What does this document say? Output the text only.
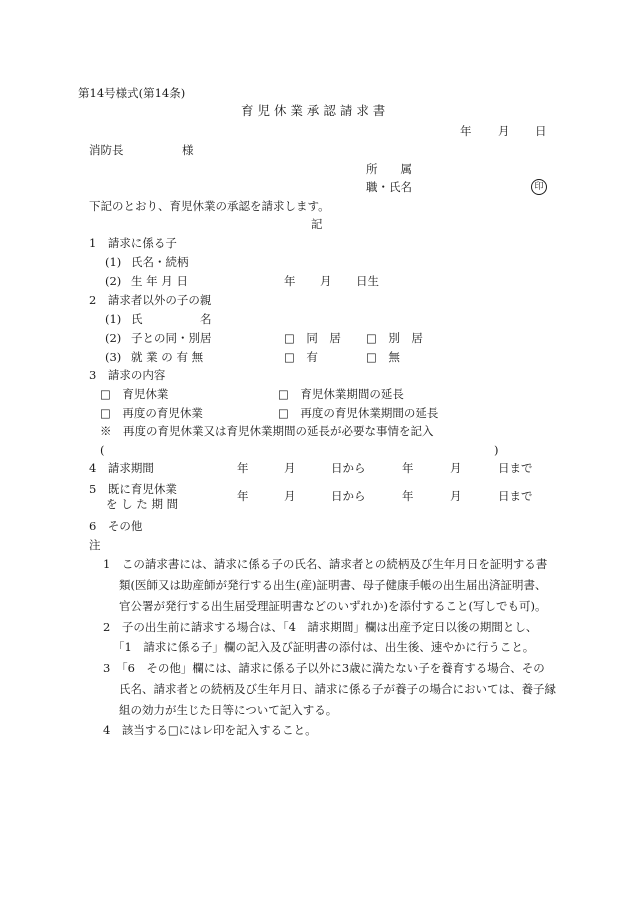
第14号様式(第14条)
育 児 休 業 承 認 請 求 書
年 月 日
消防長	様
所　　属
職・氏名	印
下記のとおり、育児休業の承認を請求します。
記
1　請求に係る子
(1) 氏名・続柄
(2) 生 年 月 日	年 月 日生
2　請求者以外の子の親
(1) 氏　　　　　名
(2) 子との同・別居	□　同　居 □　別　居
(3) 就 業 の 有 無	□　有	□　無
3　請求の内容
□　育児休業	□　育児休業期間の延長
□　再度の育児休業	□　再度の育児休業期間の延長
※　再度の育児休業又は育児休業期間の延長が必要な事情を記入
(	)
4　請求期間	年	月	日から	年	月	日まで
5　既に育児休業
を し た 期 間
年	月	日から	年	月	日まで
6　その他
注
1　この請求書には、請求に係る子の氏名、請求者との続柄及び生年月日を証明する書
類(医師又は助産師が発行する出生(産)証明書、母子健康手帳の出生届出済証明書、
官公署が発行する出生届受理証明書などのいずれか)を添付すること(写しでも可)。
2　子の出生前に請求する場合は、「4　請求期間」欄は出産予定日以後の期間とし、
「1　請求に係る子」欄の記入及び証明書の添付は、出生後、速やかに行うこと。
3　「6　その他」欄には、請求に係る子以外に3歳に満たない子を養育する場合、その
氏名、請求者との続柄及び生年月日、請求に係る子が養子の場合においては、養子縁
組の効力が生じた日等について記入する。
4　該当する□にはレ印を記入すること。
